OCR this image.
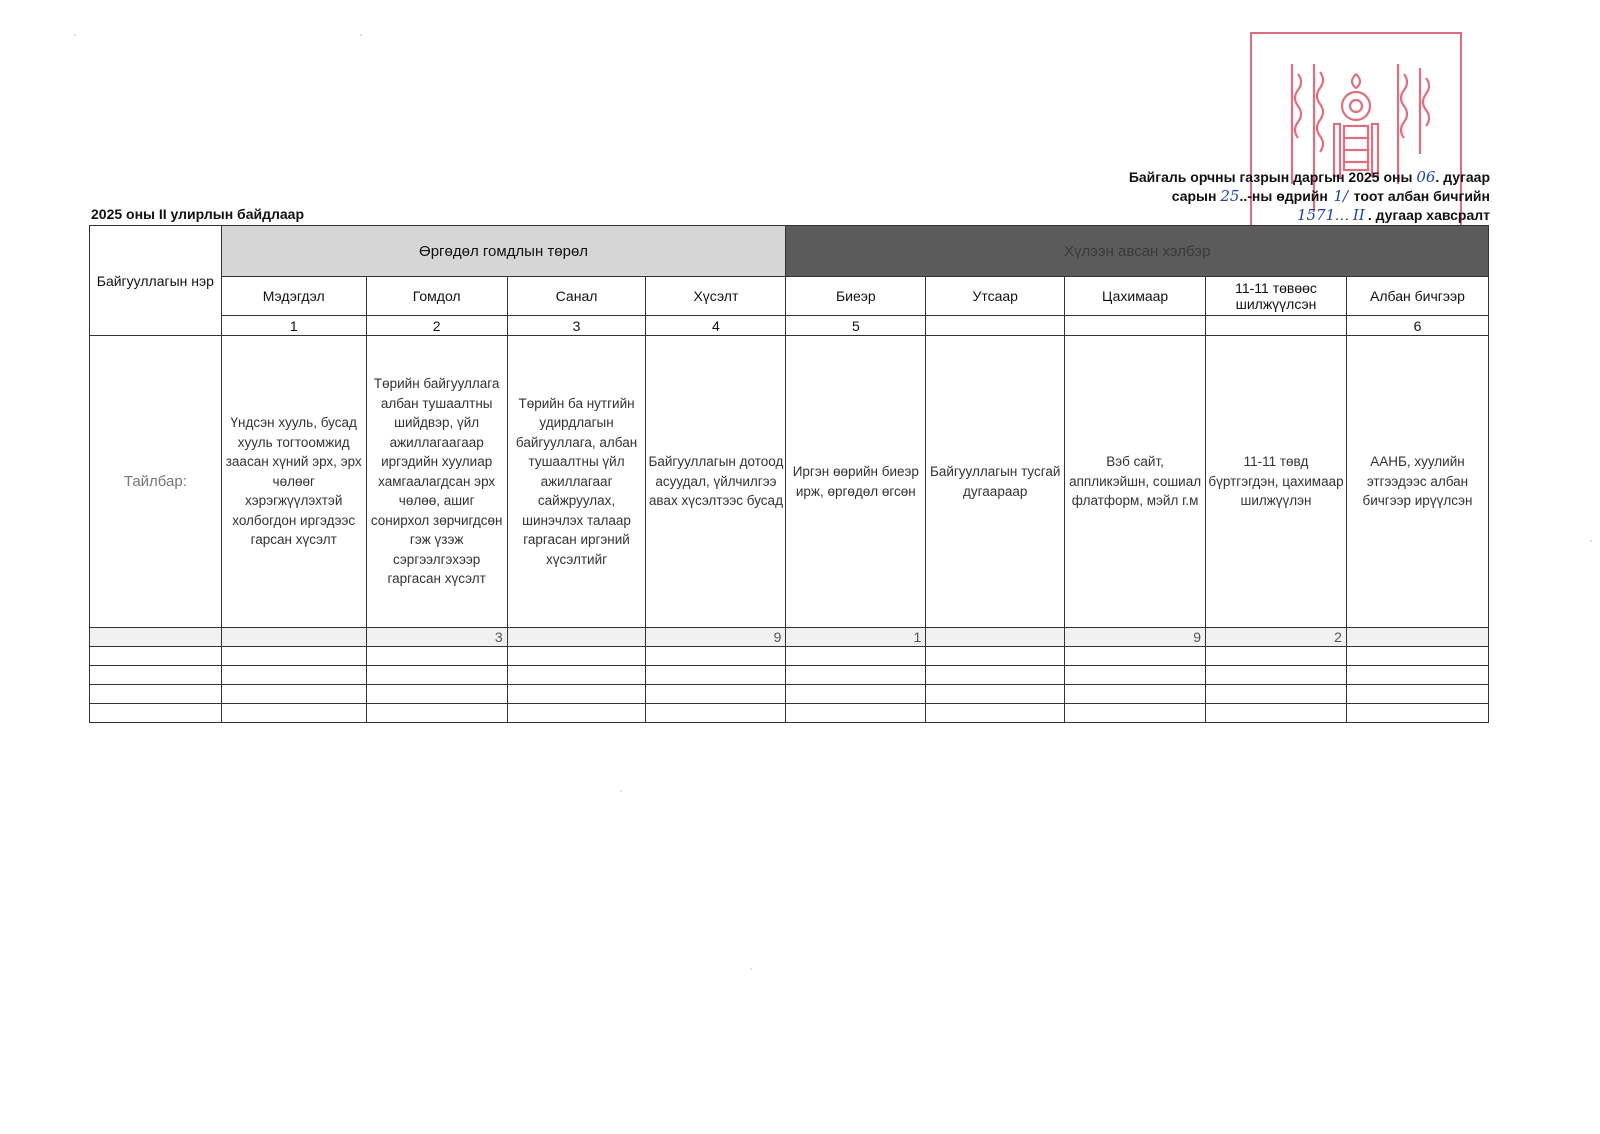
Байгаль орчны газрын даргын 2025 оны 06. дугаар
сарын 25..-ны өдрийн 1/ тоот албан бичгийн
1571... II . дугаар хавсралт
2025 оны II улирлын байдлаар
Байгууллагын нэр	Өргөдөл гомдлын төрөл				Хүлээн авсан хэлбэр				
	Мэдэгдэл	Гомдол	Санал	Хүсэлт	Биеэр	Утсаар	Цахимаар	11-11 төвөөс шилжүүлсэн	Албан бичгээр
	1	2	3	4	5				6
Тайлбар:	Үндсэн хууль, бусад хууль тогтоомжид заасан хүний эрх, эрх чөлөөг хэрэгжүүлэхтэй холбогдон иргэдээс гарсан хүсэлт	Төрийн байгууллага албан тушаалтны шийдвэр, үйл ажиллагаагаар иргэдийн хуулиар хамгаалагдсан эрх чөлөө, ашиг сонирхол зөрчигдсөн гэж үзэж сэргээлгэхээр гаргасан хүсэлт	Төрийн ба нутгийн удирдлагын байгууллага, албан тушаалтны үйл ажиллагааг сайжруулах, шинэчлэх талаар гаргасан иргэний хүсэлтийг	Байгууллагын дотоод асуудал, үйлчилгээ авах хүсэлтээс бусад	Иргэн өөрийн биеэр ирж, өргөдөл өгсөн	Байгууллагын тусгай дугаараар	Вэб сайт, аппликэйшн, сошиал флатформ, мэйл г.м	11-11 төвд бүртгэгдэн, цахимаар шилжүүлэн	ААНБ, хуулийн этгээдээс албан бичгээр ирүүлсэн
		3		9	1		9	2	
